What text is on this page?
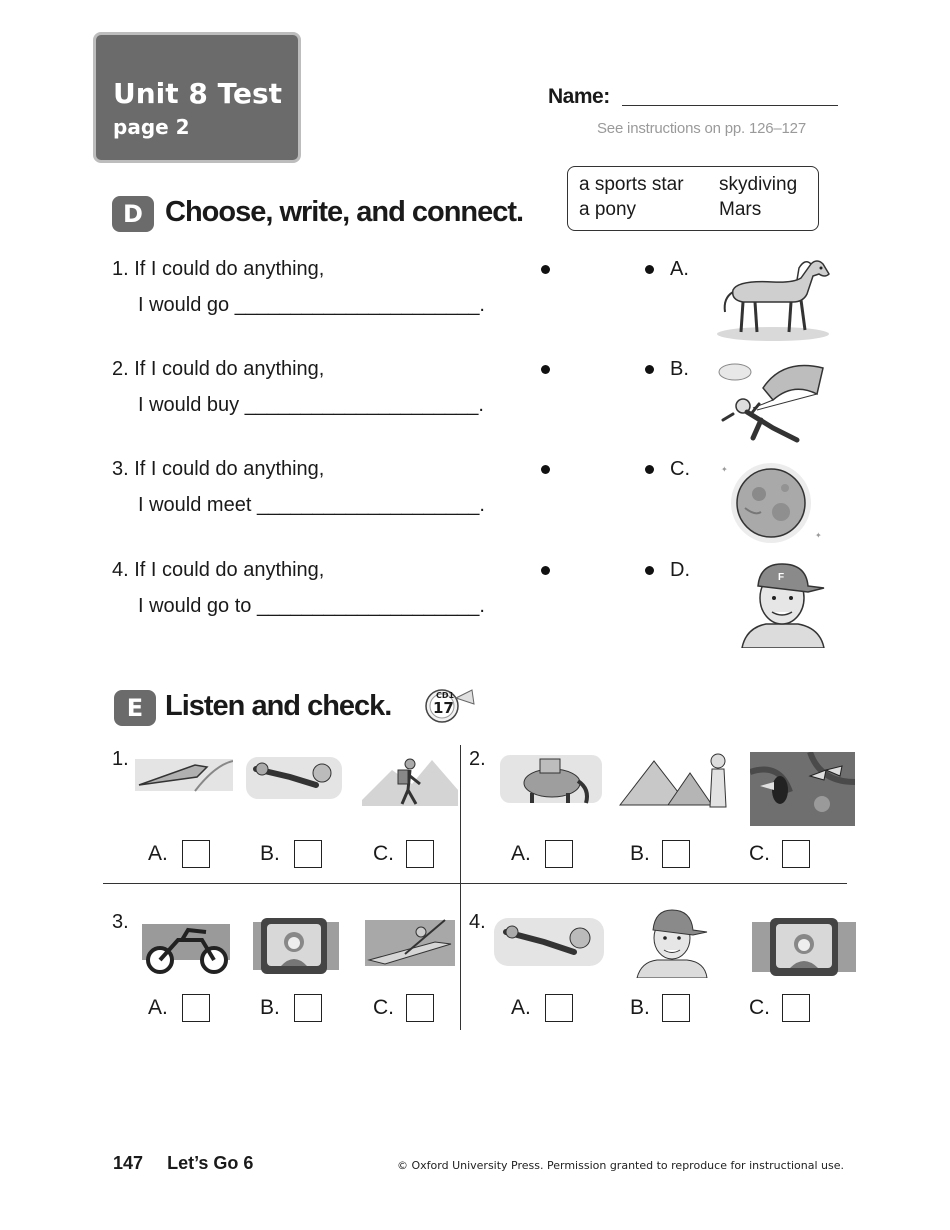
Unit 8 Test
page 2
Name:
See instructions on pp. 126–127
D Choose, write, and connect.
a sports star skydiving
a pony	Mars
1. If I could do anything,
I would go ______________________.
A.
2. If I could do anything,
I would buy _____________________.
B.
3. If I could do anything,
I would meet ____________________.
C.
4. If I could do anything,
I would go to ____________________.
D.
✦
✦
F
E Listen and check.	CD1
17
1.
A.	B.	C.
2.
A.	B.	C.
3.
A.	B.	C.
4.
A.	B.	C.
147 Let’s Go 6	© Oxford University Press. Permission granted to reproduce for instructional use.
